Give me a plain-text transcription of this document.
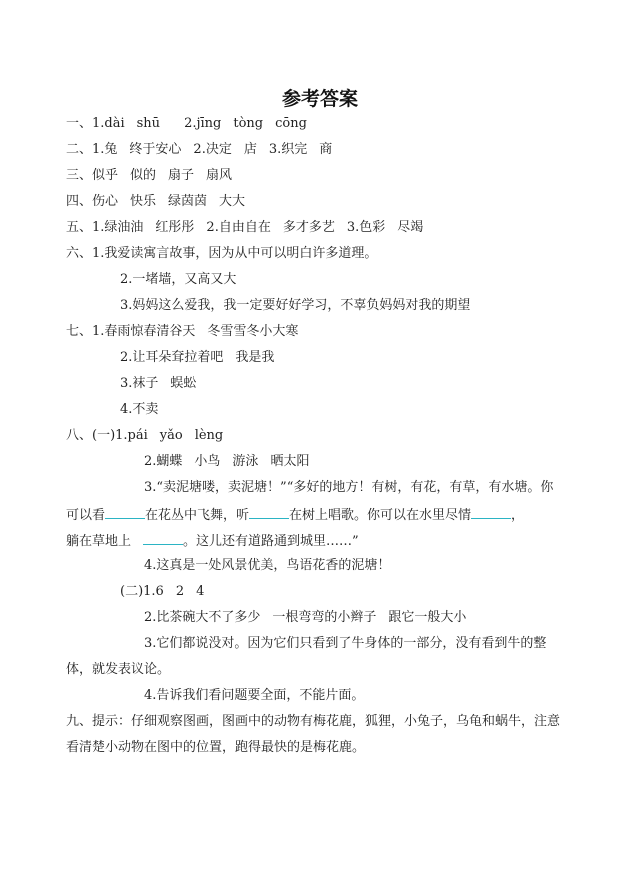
参考答案
一、1.dài shū 2.jīng tòng cōng
二、1.兔 终于安心 2.决定 店 3.织完 商
三、似乎 似的 扇子 扇风
四、伤心 快乐 绿茵茵 大大
五、1.绿油油 红彤彤 2.自由自在 多才多艺 3.色彩 尽竭
六、1.我爱读寓言故事，因为从中可以明白许多道理。
2.一堵墙，又高又大
3.妈妈这么爱我，我一定要好好学习，不辜负妈妈对我的期望
七、1.春雨惊春清谷天 冬雪雪冬小大寒
2.让耳朵耷拉着吧 我是我
3.袜子 蜈蚣
4.不卖
八、(一)1.pái yǎo lèng
2.蝴蝶 小鸟 游泳 晒太阳
3.“卖泥塘喽，卖泥塘！”“多好的地方！有树，有花，有草，有水塘。你
可以看	在花丛中飞舞，听	在树上唱歌。你可以在水里尽情	，
躺在草地上	。这儿还有道路通到城里……”
4.这真是一处风景优美，鸟语花香的泥塘！
(二)1.6 2 4
2.比茶碗大不了多少 一根弯弯的小辫子 跟它一般大小
3.它们都说没对。因为它们只看到了牛身体的一部分，没有看到牛的整
体，就发表议论。
4.告诉我们看问题要全面，不能片面。
九、提示：仔细观察图画，图画中的动物有梅花鹿，狐狸，小兔子，乌龟和蜗牛，注意
看清楚小动物在图中的位置，跑得最快的是梅花鹿。
